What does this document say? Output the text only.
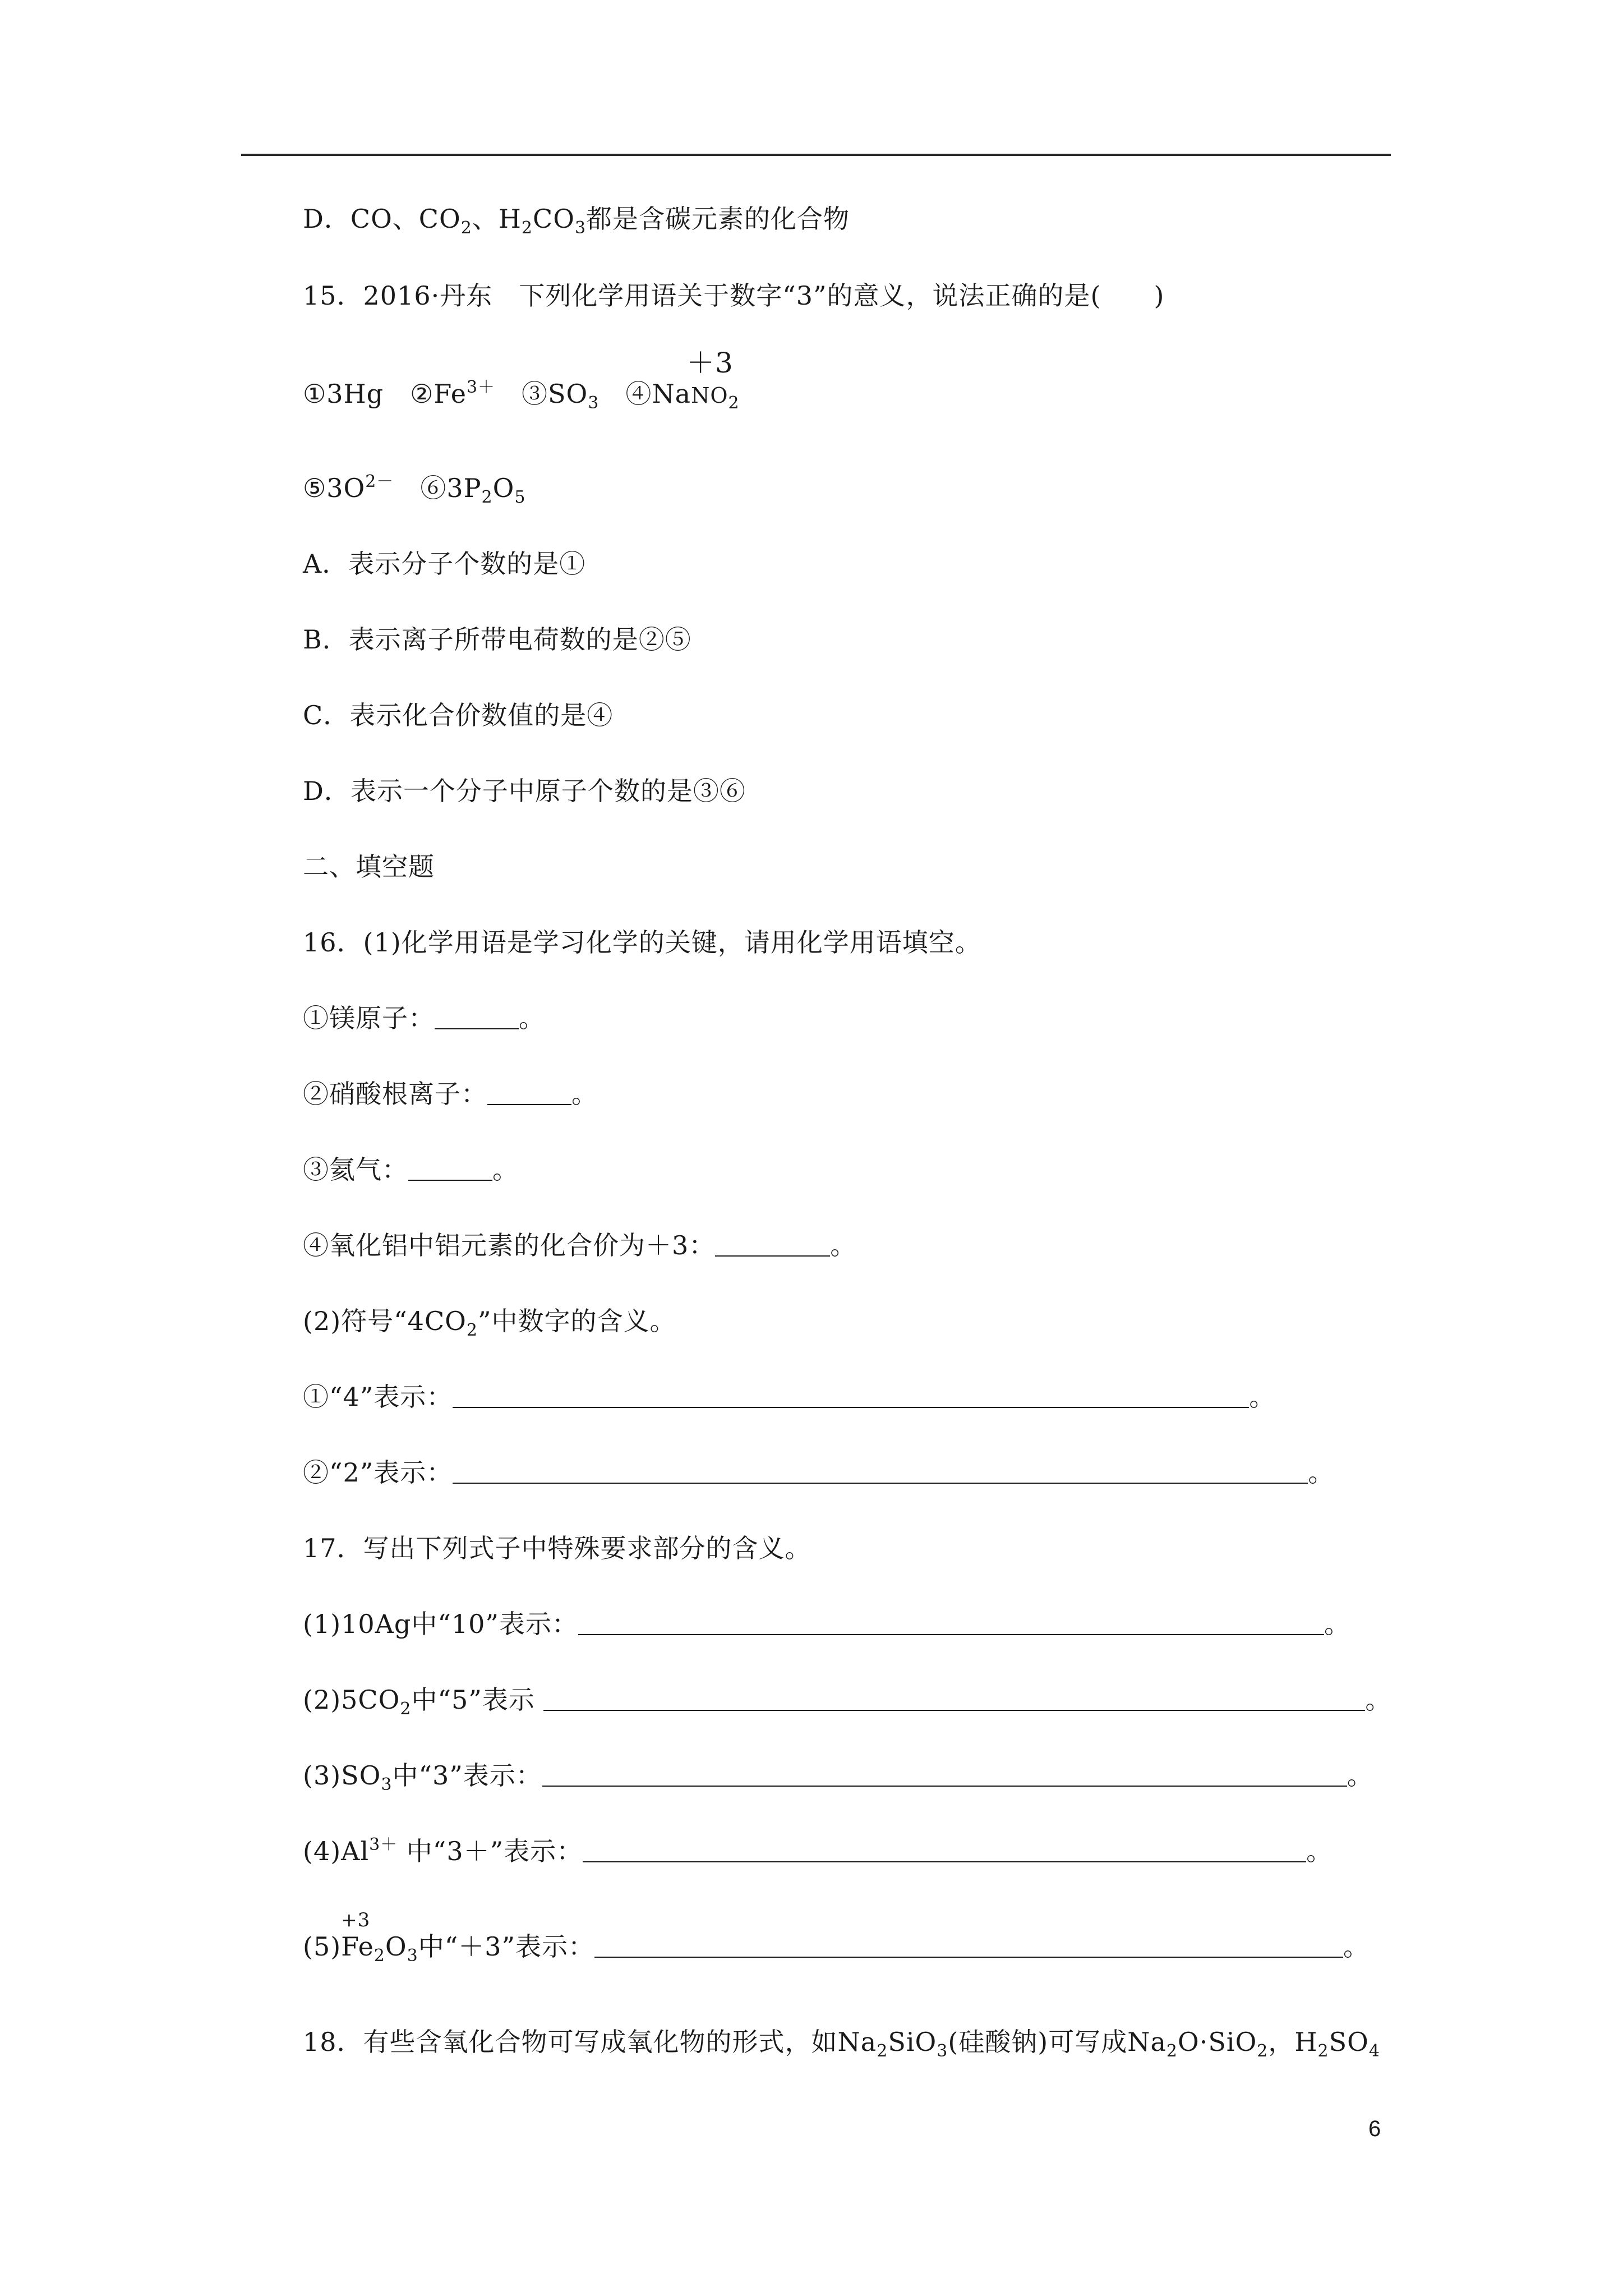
D．CO、$CO_2$、$H_2CO_3$都是含碳元素的化合物
15．2016·丹东　下列化学用语关于数字“3”的意义，说法正确的是(　　)
①3Hg　 $②Fe^{3+}$　 $③SO_3$　 ④Na
＋3
$NO_2$
$⑤3O^{2-}$　 $⑥3P_2O_5$
A．表示分子个数的是①
B．表示离子所带电荷数的是②⑤
C．表示化合价数值的是④
D．表示一个分子中原子个数的是③⑥
二、填空题
16．(1)化学用语是学习化学的关键，请用化学用语填空。
①镁原子：	。
②硝酸根离子：	。
③氦气：	。
④氧化铝中铝元素的化合价为＋3：	。
(2)符号“$4CO_2$”中数字的含义。
①“4”表示：	。
②“2”表示：	。
17．写出下列式子中特殊要求部分的含义。
(1)10Ag中“10”表示：	。
$(2)5CO_2$中“5”表示	。
$(3)SO_3$中“3”表示：	。
$(4)Al^{3+}$ 中“3＋”表示：	。
(5)
+3
$Fe_2O_3$中“＋3”表示：	。
18．有些含氧化合物可写成氧化物的形式，如$Na_2SiO_3$(硅酸钠)可写成$Na_2O\cdot SiO_2$，$H_2SO_4$
6
